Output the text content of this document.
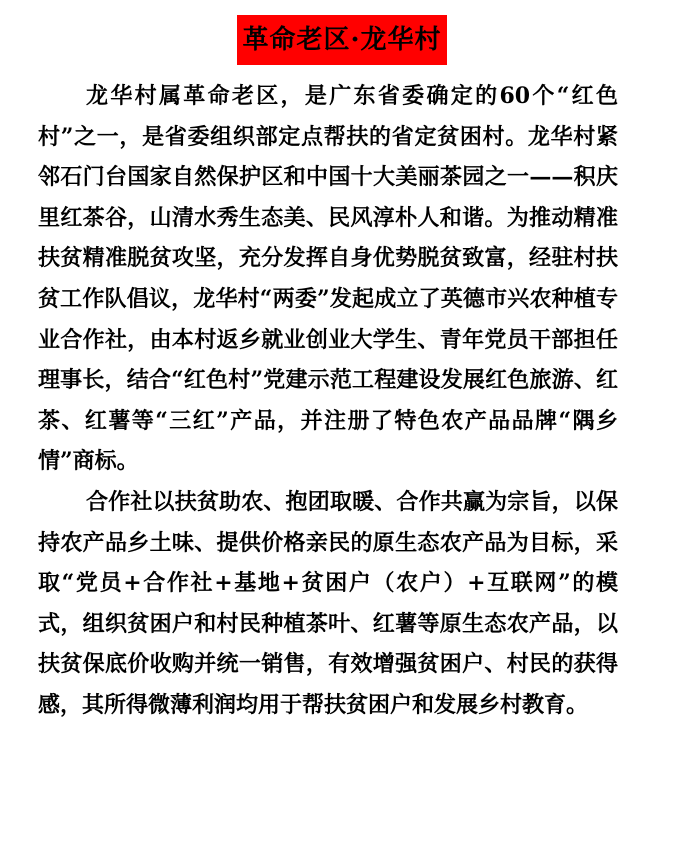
革命老区·龙华村

龙华村属革命老区，是广东省委确定的60个“红色村”之一，是省委组织部定点帮扶的省定贫困村。龙华村紧邻石门台国家自然保护区和中国十大美丽茶园之一——积庆里红茶谷，山清水秀生态美、民风淳朴人和谐。为推动精准扶贫精准脱贫攻坚，充分发挥自身优势脱贫致富，经驻村扶贫工作队倡议，龙华村“两委”发起成立了英德市兴农种植专业合作社，由本村返乡就业创业大学生、青年党员干部担任理事长，结合“红色村”党建示范工程建设发展红色旅游、红茶、红薯等“三红”产品，并注册了特色农产品品牌“隅乡情”商标。

合作社以扶贫助农、抱团取暖、合作共赢为宗旨，以保持农产品乡土味、提供价格亲民的原生态农产品为目标，采取“党员+合作社+基地+贫困户（农户）+互联网”的模式，组织贫困户和村民种植茶叶、红薯等原生态农产品，以扶贫保底价收购并统一销售，有效增强贫困户、村民的获得感，其所得微薄利润均用于帮扶贫困户和发展乡村教育。
